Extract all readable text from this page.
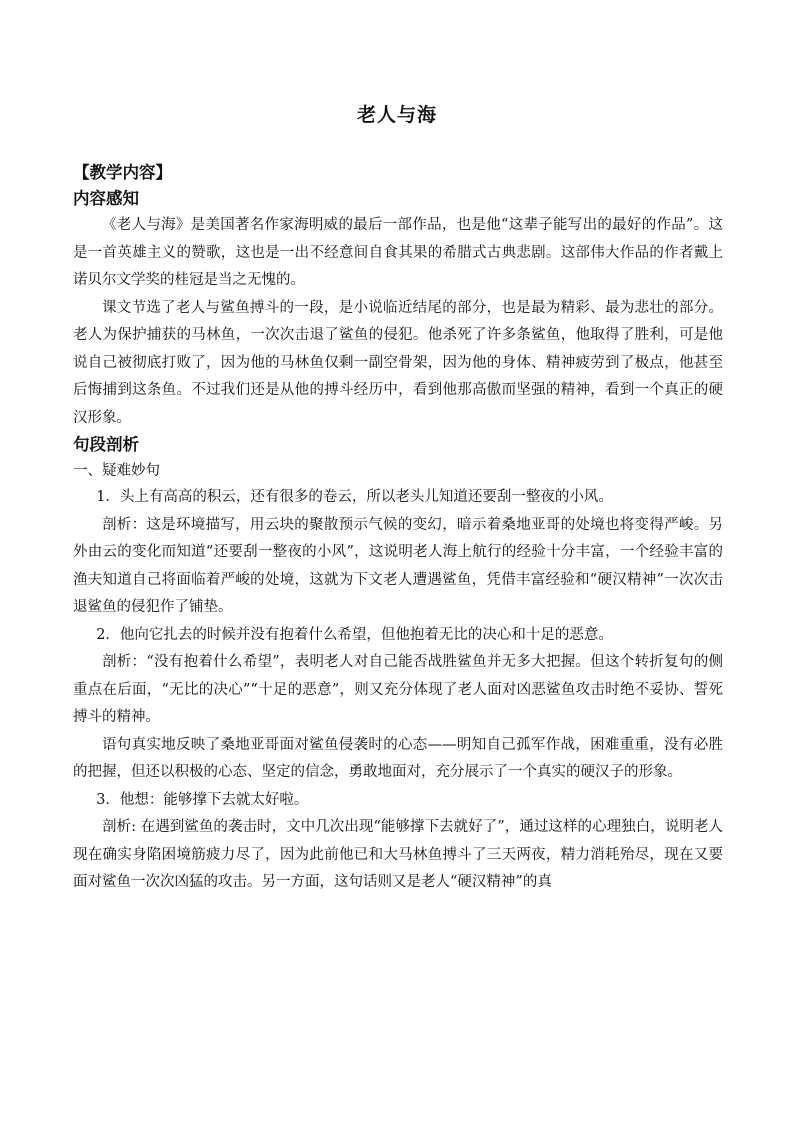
老人与海
【教学内容】
内容感知

《老人与海》是美国著名作家海明威的最后一部作品，也是他“这辈子能写出的最好的作品”。这是一首英雄主义的赞歌，这也是一出不经意间自食其果的希腊式古典悲剧。这部伟大作品的作者戴上诺贝尔文学奖的桂冠是当之无愧的。

课文节选了老人与鲨鱼搏斗的一段，是小说临近结尾的部分，也是最为精彩、最为悲壮的部分。老人为保护捕获的马林鱼，一次次击退了鲨鱼的侵犯。他杀死了许多条鲨鱼，他取得了胜利，可是他说自己被彻底打败了，因为他的马林鱼仅剩一副空骨架，因为他的身体、精神疲劳到了极点，他甚至后悔捕到这条鱼。不过我们还是从他的搏斗经历中，看到他那高傲而坚强的精神，看到一个真正的硬汉形象。

句段剖析
一、疑难妙句

1．头上有高高的积云，还有很多的卷云，所以老头儿知道还要刮一整夜的小风。

剖析：这是环境描写，用云块的聚散预示气候的变幻，暗示着桑地亚哥的处境也将变得严峻。另外由云的变化而知道“还要刮一整夜的小风”，这说明老人海上航行的经验十分丰富，一个经验丰富的渔夫知道自己将面临着严峻的处境，这就为下文老人遭遇鲨鱼，凭借丰富经验和“硬汉精神”一次次击退鲨鱼的侵犯作了铺垫。

2．他向它扎去的时候并没有抱着什么希望，但他抱着无比的决心和十足的恶意。

剖析：“没有抱着什么希望”，表明老人对自己能否战胜鲨鱼并无多大把握。但这个转折复句的侧重点在后面，“无比的决心”“十足的恶意”，则又充分体现了老人面对凶恶鲨鱼攻击时绝不妥协、誓死搏斗的精神。

语句真实地反映了桑地亚哥面对鲨鱼侵袭时的心态——明知自己孤军作战，困难重重，没有必胜的把握，但还以积极的心态、坚定的信念，勇敢地面对，充分展示了一个真实的硬汉子的形象。

3．他想：能够撑下去就太好啦。

剖析: 在遇到鲨鱼的袭击时，文中几次出现“能够撑下去就好了”，通过这样的心理独白，说明老人现在确实身陷困境筋疲力尽了，因为此前他已和大马林鱼搏斗了三天两夜，精力消耗殆尽，现在又要面对鲨鱼一次次凶猛的攻击。另一方面，这句话则又是老人“硬汉精神”的真
